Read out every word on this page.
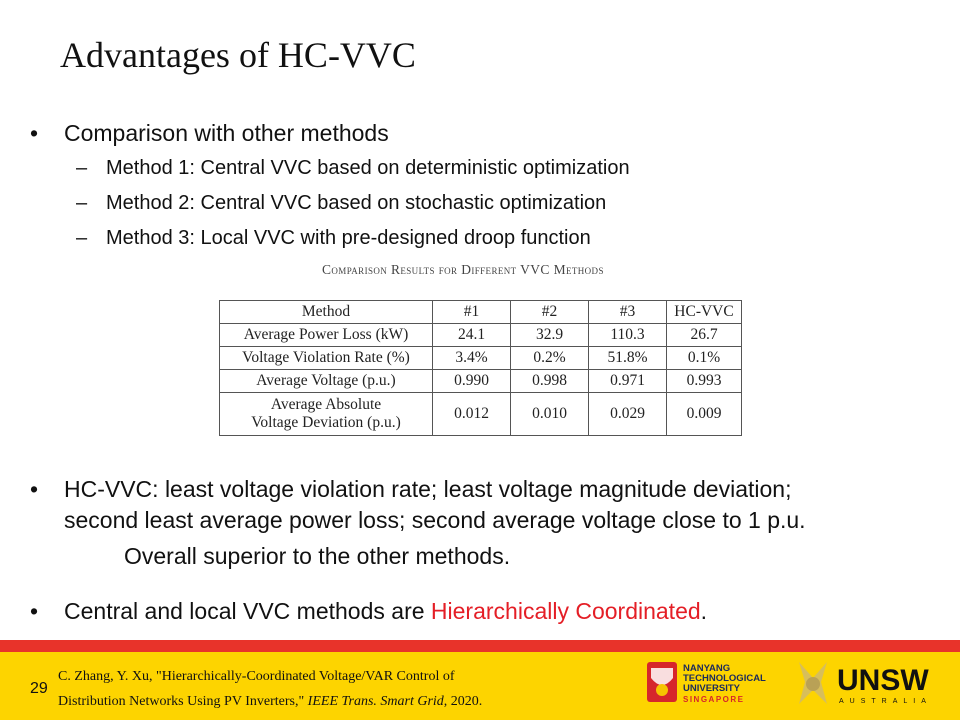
Advantages of HC-VVC
• Comparison with other methods
– Method 1: Central VVC based on deterministic optimization
– Method 2: Central VVC based on stochastic optimization
– Method 3: Local VVC with pre-designed droop function
Comparison Results for Different VVC Methods
Method	#1	#2	#3	HC-VVC
Average Power Loss (kW)	24.1	32.9	110.3	26.7
Voltage Violation Rate (%)	3.4%	0.2%	51.8%	0.1%
Average Voltage (p.u.)	0.990	0.998	0.971	0.993

Average Absolute
Voltage Deviation (p.u.)	0.012	0.010	0.029	0.009
• HC-VVC: least voltage violation rate; least voltage magnitude deviation;
second least average power loss; second average voltage close to 1 p.u.
Overall superior to the other methods.
• Central and local VVC methods are Hierarchically Coordinated.
29
C. Zhang, Y. Xu, "Hierarchically-Coordinated Voltage/VAR Control of
Distribution Networks Using PV Inverters," IEEE Trans. Smart Grid, 2020.
NANYANG
TECHNOLOGICAL
UNIVERSITY
SINGAPORE
UNSW
AUSTRALIA
